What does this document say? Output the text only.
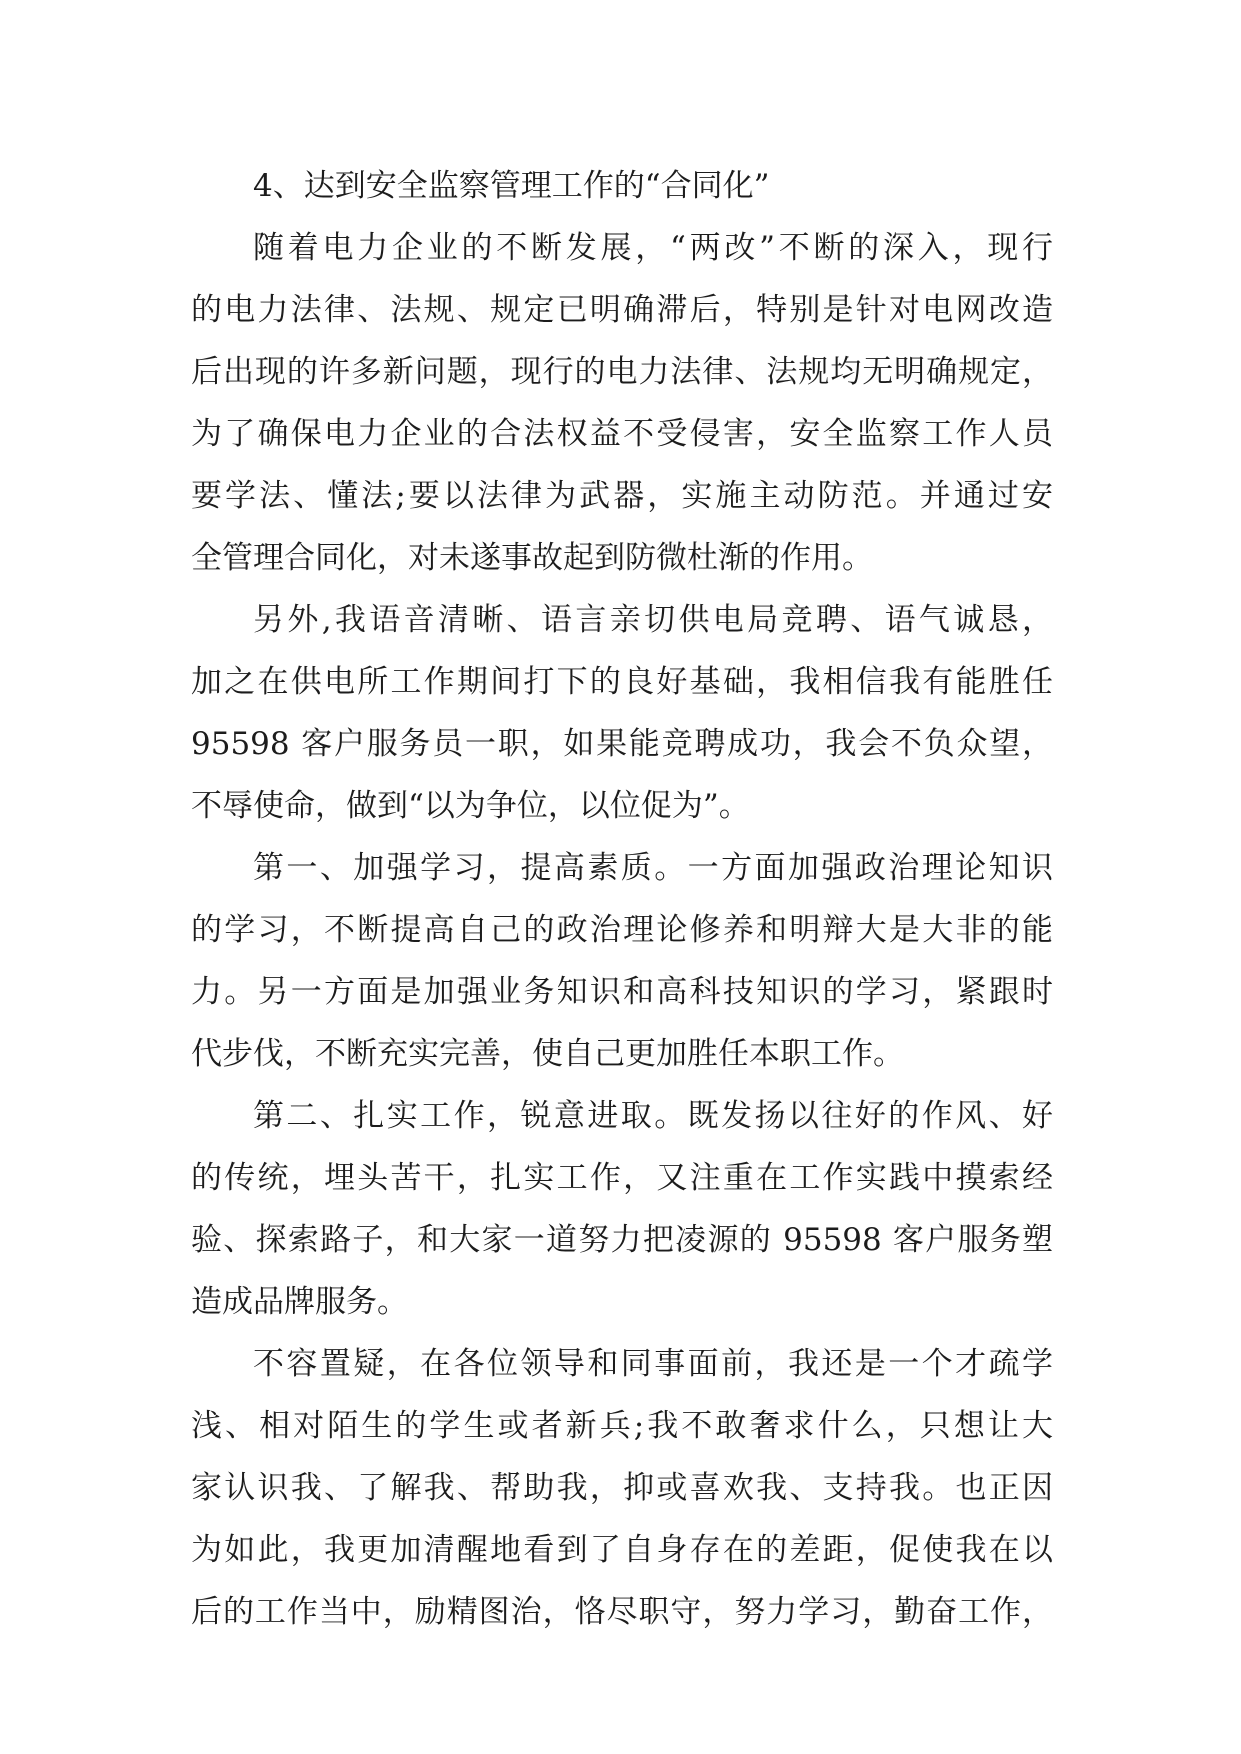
4、达到安全监察管理工作的“合同化”
随着电力企业的不断发展，“两改”不断的深入，现行
的电力法律、法规、规定已明确滞后，特别是针对电网改造
后出现的许多新问题，现行的电力法律、法规均无明确规定，
为了确保电力企业的合法权益不受侵害，安全监察工作人员
要学法、懂法;要以法律为武器，实施主动防范。并通过安
全管理合同化，对未遂事故起到防微杜渐的作用。
另外,我语音清晰、语言亲切供电局竞聘、语气诚恳，
加之在供电所工作期间打下的良好基础，我相信我有能胜任
95598 客户服务员一职，如果能竞聘成功，我会不负众望，
不辱使命，做到“以为争位，以位促为”。
第一、加强学习，提高素质。一方面加强政治理论知识
的学习，不断提高自己的政治理论修养和明辩大是大非的能
力。另一方面是加强业务知识和高科技知识的学习，紧跟时
代步伐，不断充实完善，使自己更加胜任本职工作。
第二、扎实工作，锐意进取。既发扬以往好的作风、好
的传统，埋头苦干，扎实工作，又注重在工作实践中摸索经
验、探索路子，和大家一道努力把凌源的 95598 客户服务塑
造成品牌服务。
不容置疑，在各位领导和同事面前，我还是一个才疏学
浅、相对陌生的学生或者新兵;我不敢奢求什么，只想让大
家认识我、了解我、帮助我，抑或喜欢我、支持我。也正因
为如此，我更加清醒地看到了自身存在的差距，促使我在以
后的工作当中，励精图治，恪尽职守，努力学习，勤奋工作，
